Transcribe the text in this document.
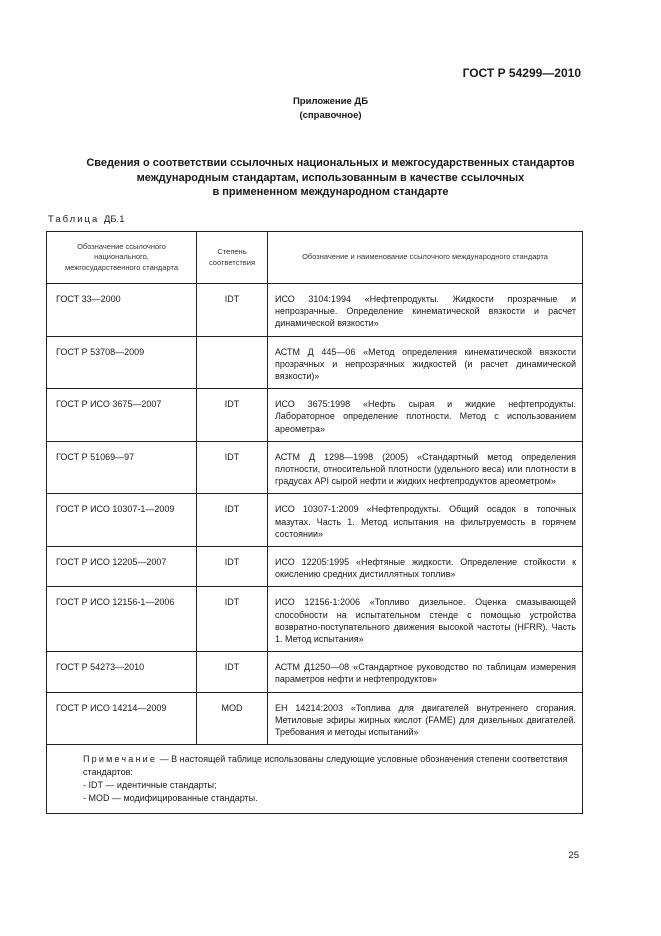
ГОСТ Р 54299—2010
Приложение ДБ
(справочное)
Сведения о соответствии ссылочных национальных и межгосударственных стандартов
международным стандартам, использованным в качестве ссылочных
в примененном международном стандарте
Таблица ДБ.1
Обозначение ссылочного национального, межгосударственного стандарта	Степень соответствия	Обозначение и наименование ссылочного международного стандарта
ГОСТ 33—2000	IDT	ИСО 3104:1994 «Нефтепродукты. Жидкости прозрачные и непрозрачные. Определение кинематической вязкости и расчет динамической вязкости»
ГОСТ Р 53708—2009		АСТМ Д 445—06 «Метод определения кинематической вязкости прозрачных и непрозрачных жидкостей (и расчет динамической вязкости)»
ГОСТ Р ИСО 3675—2007	IDT	ИСО 3675:1998 «Нефть сырая и жидкие нефтепродукты. Лабораторное определение плотности. Метод с использованием ареометра»
ГОСТ Р 51069—97	IDT	АСТМ Д 1298—1998 (2005) «Стандартный метод определения плотности, относительной плотности (удельного веса) или плотности в градусах API сырой нефти и жидких нефтепродуктов ареометром»
ГОСТ Р ИСО 10307-1—2009	IDT	ИСО 10307-1:2009 «Нефтепродукты. Общий осадок в топочных мазутах. Часть 1. Метод испытания на фильтруемость в горячем состоянии»
ГОСТ Р ИСО 12205—2007	IDT	ИСО 12205:1995 «Нефтяные жидкости. Определение стойкости к окислению средних дистиллятных топлив»
ГОСТ Р ИСО 12156-1—2006	IDT	ИСО 12156-1:2006 «Топливо дизельное. Оценка смазывающей способности на испытательном стенде с помощью устройства возвратно-поступательного движения высокой частоты (HFRR). Часть 1. Метод испытания»
ГОСТ Р 54273—2010	IDT	АСТМ Д1250—08 «Стандартное руководство по таблицам измерения параметров нефти и нефтепродуктов»
ГОСТ Р ИСО 14214—2009	MOD	ЕН 14214:2003 «Топлива для двигателей внутреннего сгорания. Метиловые эфиры жирных кислот (FAME) для дизельных двигателей. Требования и методы испытаний»

Примечание — В настоящей таблице использованы следующие условные обозначения степени соответствия стандартов:
- IDT — идентичные стандарты;
- MOD — модифицированные стандарты.		
25
